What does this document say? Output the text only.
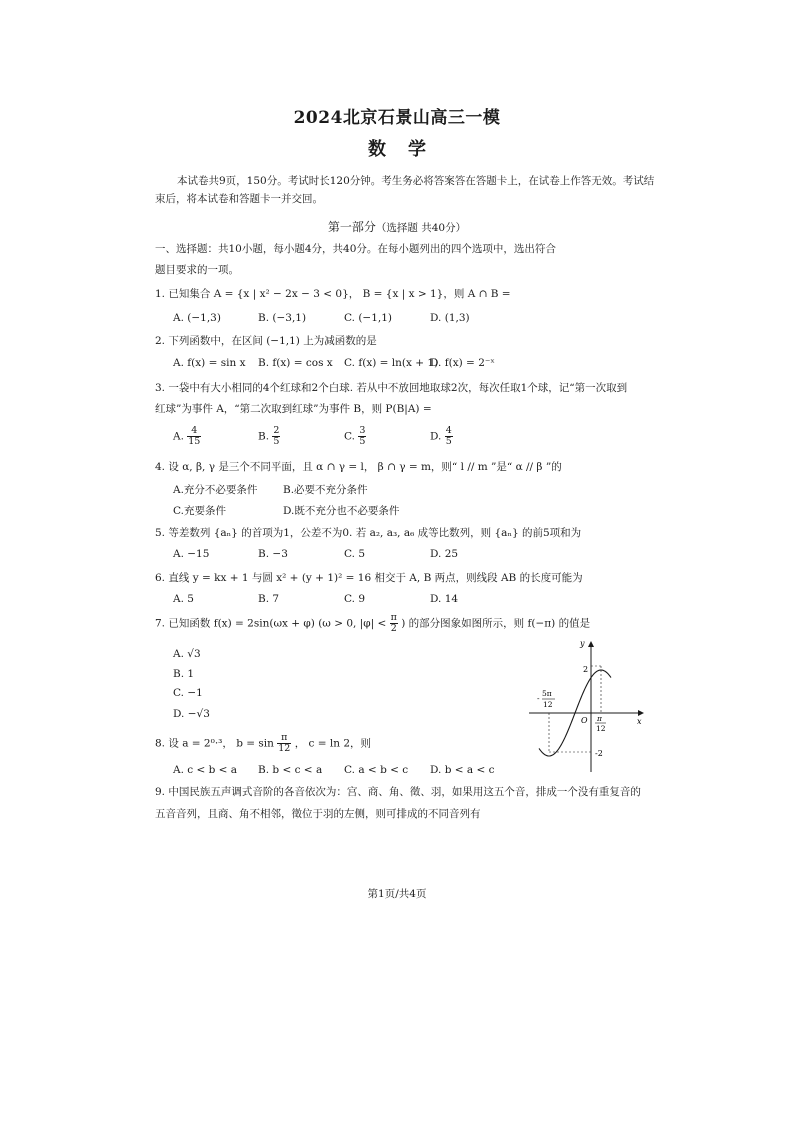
2024北京石景山高三一模
数学
本试卷共9页，150分。考试时长120分钟。考生务必将答案答在答题卡上，在试卷上作答无效。考试结束后，将本试卷和答题卡一并交回。
第一部分（选择题 共40分）
一、选择题：共10小题，每小题4分，共40分。在每小题列出的四个选项中，选出符合
题目要求的一项。
1. 已知集合 A = {x | x² − 2x − 3 < 0}， B = {x | x > 1}，则 A ∩ B =
A. (−1,3)	B. (−3,1)	C. (−1,1)	D. (1,3)
2. 下列函数中，在区间 (−1,1) 上为减函数的是
A. f(x) = sin x B. f(x) = cos x C. f(x) = ln(x + 1)
D. f(x) = 2⁻ˣ
3. 一袋中有大小相同的4个红球和2个白球. 若从中不放回地取球2次，每次任取1个球，记“第一次取到
红球”为事件 A，“第二次取到红球”为事件 B，则 P(B|A) =
A. $\frac{4}{15}$	B. $\frac{2}{5}$	C. $\frac{3}{5}$	D. $\frac{4}{5}$
4. 设 α, β, γ 是三个不同平面，且 α ∩ γ = l， β ∩ γ = m，则“ l // m ”是“ α // β ”的
A.充分不必要条件 B.必要不充分条件
C.充要条件	D.既不充分也不必要条件
5. 等差数列 {aₙ} 的首项为1，公差不为0. 若 a₂, a₃, a₆ 成等比数列，则 {aₙ} 的前5项和为
A. −15	B. −3	C. 5	D. 25
6. 直线 y = kx + 1 与圆 x² + (y + 1)² = 16 相交于 A, B 两点，则线段 AB 的长度可能为
A. 5	B. 7	C. 9	D. 14
7. 已知函数 f(x) = 2sin(ωx + φ) (ω > 0, $|\varphi| < \frac{\pi}{2}$ ) 的部分图象如图所示，则 f(−π) 的值是
A. √3
B. 1
C. −1
D. −√3
x
y
O
2
-2
5π
12
-
π
12
8. 设 a = 2⁰·³， $b = \sin \frac{\pi}{12}$ ， c = ln 2，则
A. c < b < a B. b < c < a C. a < b < c D. b < a < c
9. 中国民族五声调式音阶的各音依次为：宫、商、角、徵、羽，如果用这五个音，排成一个没有重复音的
五音音列，且商、角不相邻，徵位于羽的左侧，则可排成的不同音列有
第1页/共4页
